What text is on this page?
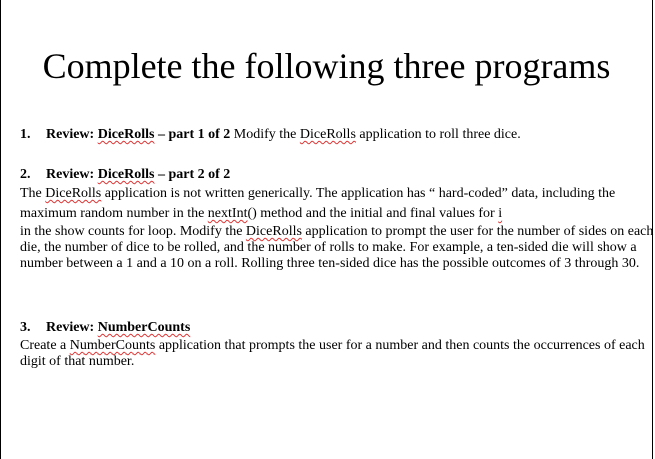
Complete the following three programs
1. Review: DiceRolls – part 1 of 2 Modify the DiceRolls application to roll three dice.
2. Review: DiceRolls – part 2 of 2
The DiceRolls application is not written generically. The application has “ hard-coded” data, including the
maximum random number in the nextInt() method and the initial and final values for i
in the show counts for loop. Modify the DiceRolls application to prompt the user for the number of sides on each
die, the number of dice to be rolled, and the number of rolls to make. For example, a ten-sided die will show a
number between a 1 and a 10 on a roll. Rolling three ten-sided dice has the possible outcomes of 3 through 30.
3. Review: NumberCounts
Create a NumberCounts application that prompts the user for a number and then counts the occurrences of each
digit of that number.
